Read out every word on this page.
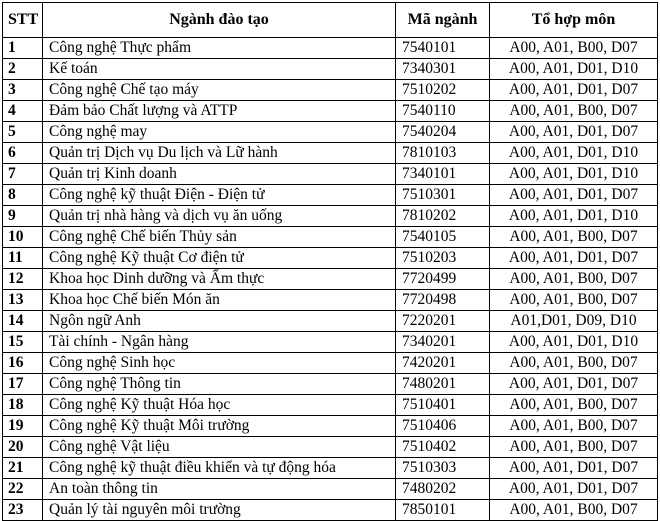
STT	Ngành đào tạo	Mã ngành	Tổ hợp môn
1	Công nghệ Thực phẩm	7540101	A00, A01, B00, D07
2	Kế toán	7340301	A00, A01, D01, D10
3	Công nghệ Chế tạo máy	7510202	A00, A01, D01, D07
4	Đảm bảo Chất lượng và ATTP	7540110	A00, A01, B00, D07
5	Công nghệ may	7540204	A00, A01, D01, D07
6	Quản trị Dịch vụ Du lịch và Lữ hành	7810103	A00, A01, D01, D10
7	Quản trị Kinh doanh	7340101	A00, A01, D01, D10
8	Công nghệ kỹ thuật Điện - Điện tử	7510301	A00, A01, D01, D07
9	Quản trị nhà hàng và dịch vụ ăn uống	7810202	A00, A01, D01, D10
10	Công nghệ Chế biến Thủy sản	7540105	A00, A01, B00, D07
11	Công nghệ Kỹ thuật Cơ điện tử	7510203	A00, A01, D01, D07
12	Khoa học Dinh dưỡng và Ẩm thực	7720499	A00, A01, B00, D07
13	Khoa học Chế biến Món ăn	7720498	A00, A01, B00, D07
14	Ngôn ngữ Anh	7220201	A01,D01, D09, D10
15	Tài chính - Ngân hàng	7340201	A00, A01, D01, D10
16	Công nghệ Sinh học	7420201	A00, A01, B00, D07
17	Công nghệ Thông tin	7480201	A00, A01, D01, D07
18	Công nghệ Kỹ thuật Hóa học	7510401	A00, A01, B00, D07
19	Công nghệ Kỹ thuật Môi trường	7510406	A00, A01, B00, D07
20	Công nghệ Vật liệu	7510402	A00, A01, B00, D07
21	Công nghệ kỹ thuật điều khiển và tự động hóa	7510303	A00, A01, D01, D07
22	An toàn thông tin	7480202	A00, A01, D01, D07
23	Quản lý tài nguyên môi trường	7850101	A00, A01, B00, D07
